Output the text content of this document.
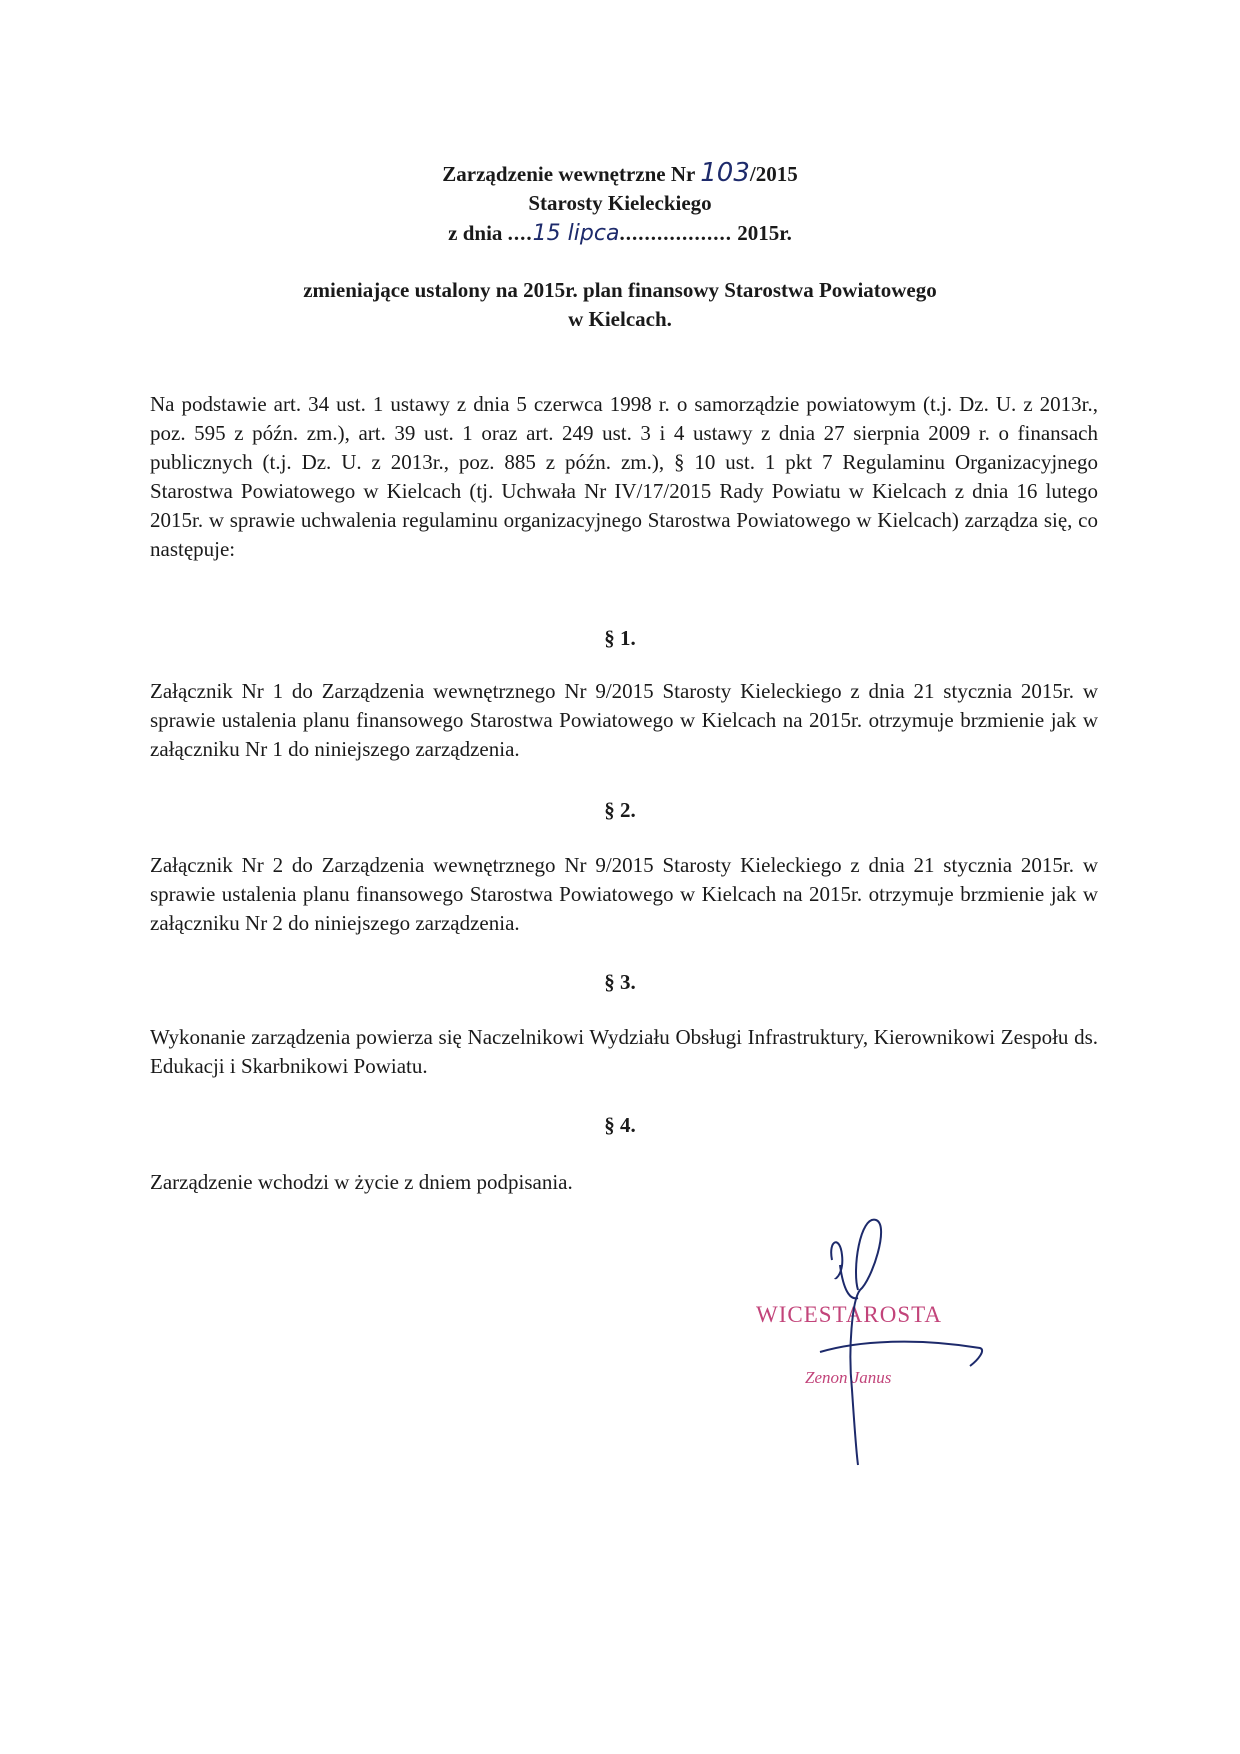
Zarządzenie wewnętrzne Nr 103/2015
Starosty Kieleckiego
z dnia ....15 lipca.................. 2015r.
zmieniające ustalony na 2015r. plan finansowy Starostwa Powiatowego
w Kielcach.
Na podstawie art. 34 ust. 1 ustawy z dnia 5 czerwca 1998 r. o samorządzie powiatowym (t.j. Dz. U. z 2013r., poz. 595 z późn. zm.), art. 39 ust. 1 oraz art. 249 ust. 3 i 4 ustawy z dnia 27 sierpnia 2009 r. o finansach publicznych (t.j. Dz. U. z 2013r., poz. 885 z późn. zm.), § 10 ust. 1 pkt 7 Regulaminu Organizacyjnego Starostwa Powiatowego w Kielcach (tj. Uchwała Nr IV/17/2015 Rady Powiatu w Kielcach z dnia 16 lutego 2015r. w sprawie uchwalenia regulaminu organizacyjnego Starostwa Powiatowego w Kielcach) zarządza się, co następuje:
§ 1.
Załącznik Nr 1 do Zarządzenia wewnętrznego Nr 9/2015 Starosty Kieleckiego z dnia 21 stycznia 2015r. w sprawie ustalenia planu finansowego Starostwa Powiatowego w Kielcach na 2015r. otrzymuje brzmienie jak w załączniku Nr 1 do niniejszego zarządzenia.
§ 2.
Załącznik Nr 2 do Zarządzenia wewnętrznego Nr 9/2015 Starosty Kieleckiego z dnia 21 stycznia 2015r. w sprawie ustalenia planu finansowego Starostwa Powiatowego w Kielcach na 2015r. otrzymuje brzmienie jak w załączniku Nr 2 do niniejszego zarządzenia.
§ 3.
Wykonanie zarządzenia powierza się Naczelnikowi Wydziału Obsługi Infrastruktury, Kierownikowi Zespołu ds. Edukacji i Skarbnikowi Powiatu.
§ 4.
Zarządzenie wchodzi w życie z dniem podpisania.
WICESTAROSTA
Zenon Janus
